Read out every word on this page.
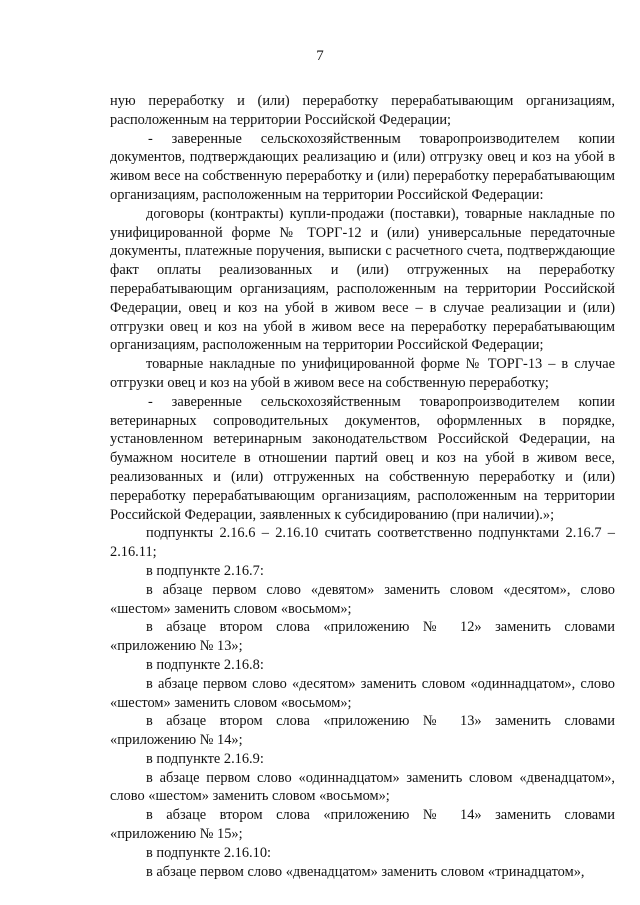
7

ную переработку и (или) переработку перерабатывающим организациям, расположенным на территории Российской Федерации;

- заверенные сельскохозяйственным товаропроизводителем копии документов, подтверждающих реализацию и (или) отгрузку овец и коз на убой в живом весе на собственную переработку и (или) переработку перерабатывающим организациям, расположенным на территории Российской Федерации:

договоры (контракты) купли-продажи (поставки), товарные накладные по унифицированной форме № ТОРГ-12 и (или) универсальные передаточные документы, платежные поручения, выписки с расчетного счета, подтверждающие факт оплаты реализованных и (или) отгруженных на переработку перерабатывающим организациям, расположенным на территории Российской Федерации, овец и коз на убой в живом весе – в случае реализации и (или) отгрузки овец и коз на убой в живом весе на переработку перерабатывающим организациям, расположенным на территории Российской Федерации;

товарные накладные по унифицированной форме № ТОРГ-13 – в случае отгрузки овец и коз на убой в живом весе на собственную переработку;

- заверенные сельскохозяйственным товаропроизводителем копии ветеринарных сопроводительных документов, оформленных в порядке, установленном ветеринарным законодательством Российской Федерации, на бумажном носителе в отношении партий овец и коз на убой в живом весе, реализованных и (или) отгруженных на собственную переработку и (или) переработку перерабатывающим организациям, расположенным на территории Российской Федерации, заявленных к субсидированию (при наличии).»;

подпункты 2.16.6 – 2.16.10 считать соответственно подпунктами 2.16.7 – 2.16.11;

в подпункте 2.16.7:

в абзаце первом слово «девятом» заменить словом «десятом», слово «шестом» заменить словом «восьмом»;

в абзаце втором слова «приложению № 12» заменить словами «приложению № 13»;

в подпункте 2.16.8:

в абзаце первом слово «десятом» заменить словом «одиннадцатом», слово «шестом» заменить словом «восьмом»;

в абзаце втором слова «приложению № 13» заменить словами «приложению № 14»;

в подпункте 2.16.9:

в абзаце первом слово «одиннадцатом» заменить словом «двенадцатом», слово «шестом» заменить словом «восьмом»;

в абзаце втором слова «приложению № 14» заменить словами «приложению № 15»;

в подпункте 2.16.10:

в абзаце первом слово «двенадцатом» заменить словом «тринадцатом»,
